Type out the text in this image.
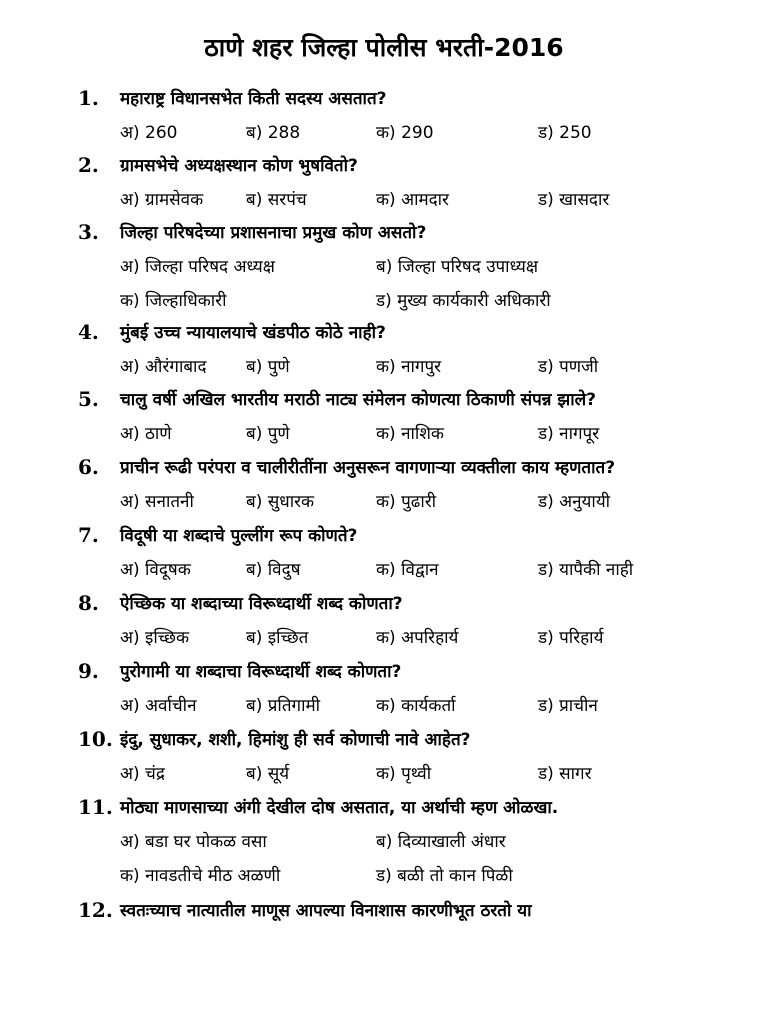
ठाणे शहर जिल्हा पोलीस भरती-2016
1. महाराष्ट्र विधानसभेत किती सदस्य असतात?
अ) 260	ब) 288	क) 290	ड) 250
2. ग्रामसभेचे अध्यक्षस्थान कोण भुषवितो?
अ) ग्रामसेवक	ब) सरपंच	क) आमदार	ड) खासदार
3. जिल्हा परिषदेच्या प्रशासनाचा प्रमुख कोण असतो?
अ) जिल्हा परिषद अध्यक्ष	ब) जिल्हा परिषद उपाध्यक्ष
क) जिल्हाधिकारी	ड) मुख्य कार्यकारी अधिकारी
4. मुंबई उच्च न्यायालयाचे खंडपीठ कोठे नाही?
अ) औरंगाबाद ब) पुणे	क) नागपुर	ड) पणजी
5. चालु वर्षी अखिल भारतीय मराठी नाट्य संमेलन कोणत्या ठिकाणी संपन्न झाले?
अ) ठाणे	ब) पुणे	क) नाशिक	ड) नागपूर
6. प्राचीन रूढी परंपरा व चालीरीतींना अनुसरून वागणाऱ्या व्यक्तीला काय म्हणतात?
अ) सनातनी	ब) सुधारक	क) पुढारी	ड) अनुयायी
7. विदूषी या शब्दाचे पुल्लींग रूप कोणते?
अ) विदूषक	ब) विदुष	क) विद्वान	ड) यापैकी नाही
8. ऐच्छिक या शब्दाच्या विरूध्दार्थी शब्द कोणता?
अ) इच्छिक	ब) इच्छित	क) अपरिहार्य	ड) परिहार्य
9. पुरोगामी या शब्दाचा विरूध्दार्थी शब्द कोणता?
अ) अर्वाचीन	ब) प्रतिगामी	क) कार्यकर्ता	ड) प्राचीन
10. इंदु, सुधाकर, शशी, हिमांशु ही सर्व कोणाची नावे आहेत?
अ) चंद्र	ब) सूर्य	क) पृथ्वी	ड) सागर
11. मोठ्या माणसाच्या अंगी देखील दोष असतात, या अर्थाची म्हण ओळखा.
अ) बडा घर पोकळ वसा	ब) दिव्याखाली अंधार
क) नावडतीचे मीठ अळणी	ड) बळी तो कान पिळी
12. स्वतःच्याच नात्यातील माणूस आपल्या विनाशास कारणीभूत ठरतो या
